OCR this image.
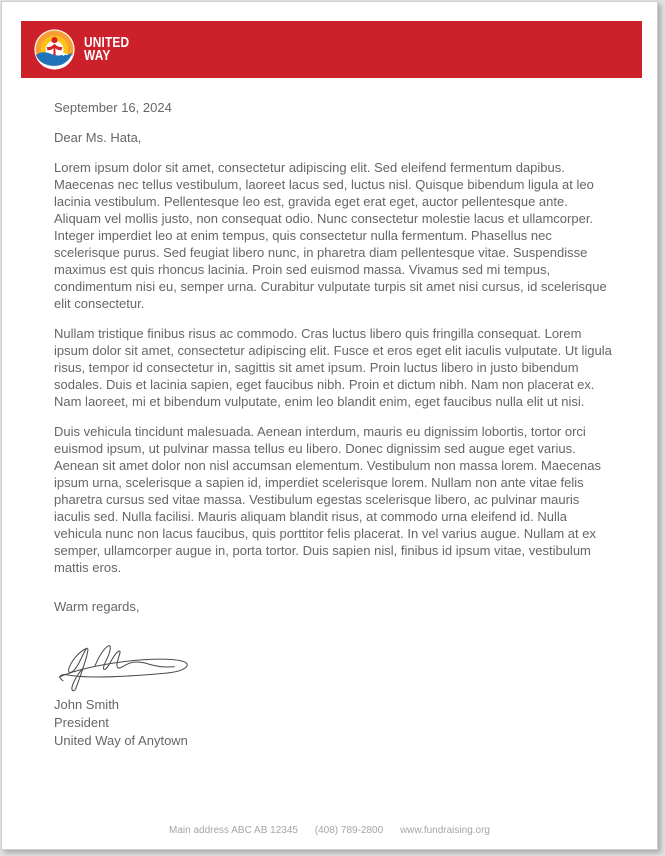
UNITED
WAY

September 16, 2024

Dear Ms. Hata,

Lorem ipsum dolor sit amet, consectetur adipiscing elit. Sed eleifend fermentum dapibus. Maecenas nec tellus vestibulum, laoreet lacus sed, luctus nisl. Quisque bibendum ligula at leo lacinia vestibulum. Pellentesque leo est, gravida eget erat eget, auctor pellentesque ante. Aliquam vel mollis justo, non consequat odio. Nunc consectetur molestie lacus et ullamcorper. Integer imperdiet leo at enim tempus, quis consectetur nulla fermentum. Phasellus nec scelerisque purus. Sed feugiat libero nunc, in pharetra diam pellentesque vitae. Suspendisse maximus est quis rhoncus lacinia. Proin sed euismod massa. Vivamus sed mi tempus, condimentum nisi eu, semper urna. Curabitur vulputate turpis sit amet nisi cursus, id scelerisque elit consectetur.

Nullam tristique finibus risus ac commodo. Cras luctus libero quis fringilla consequat. Lorem ipsum dolor sit amet, consectetur adipiscing elit. Fusce et eros eget elit iaculis vulputate. Ut ligula risus, tempor id consectetur in, sagittis sit amet ipsum. Proin luctus libero in justo bibendum sodales. Duis et lacinia sapien, eget faucibus nibh. Proin et dictum nibh. Nam non placerat ex. Nam laoreet, mi et bibendum vulputate, enim leo blandit enim, eget faucibus nulla elit ut nisi.

Duis vehicula tincidunt malesuada. Aenean interdum, mauris eu dignissim lobortis, tortor orci euismod ipsum, ut pulvinar massa tellus eu libero. Donec dignissim sed augue eget varius. Aenean sit amet dolor non nisl accumsan elementum. Vestibulum non massa lorem. Maecenas ipsum urna, scelerisque a sapien id, imperdiet scelerisque lorem. Nullam non ante vitae felis pharetra cursus sed vitae massa. Vestibulum egestas scelerisque libero, ac pulvinar mauris iaculis sed. Nulla facilisi. Mauris aliquam blandit risus, at commodo urna eleifend id. Nulla vehicula nunc non lacus faucibus, quis porttitor felis placerat. In vel varius augue. Nullam at ex semper, ullamcorper augue in, porta tortor. Duis sapien nisl, finibus id ipsum vitae, vestibulum mattis eros.

Warm regards,

John Smith
President
United Way of Anytown
Main address ABC AB 12345 (408) 789-2800 www.fundraising.org
